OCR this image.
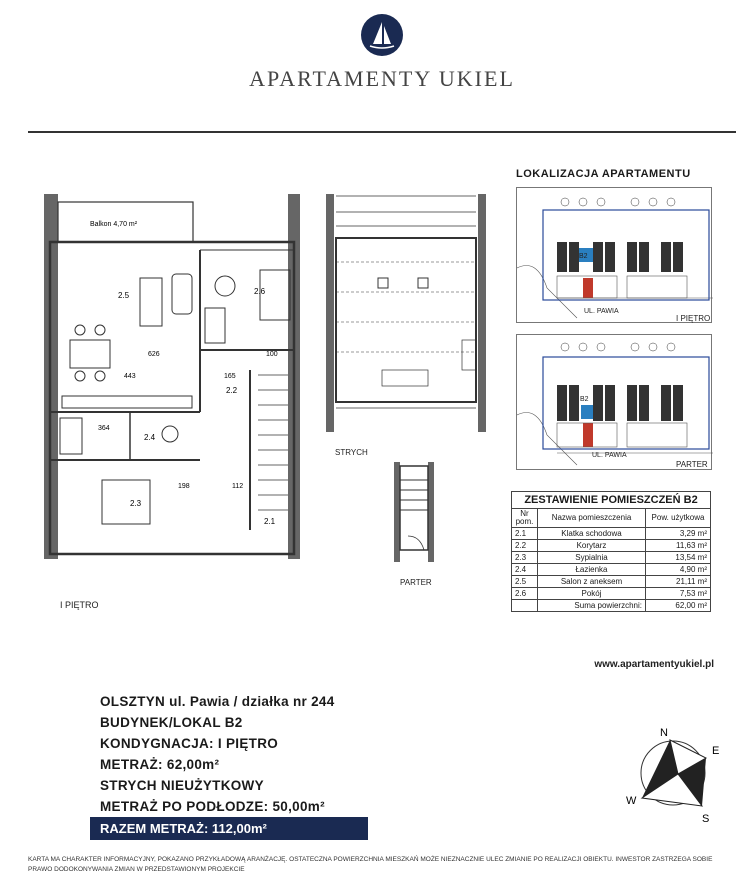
APARTAMENTY UKIEL
Balkon 4,70 m²
2.5	2.6
2.2
2.4
2.3
2.1
626
443
364
198
100
165
112
I PIĘTRO
STRYCH
PARTER
LOKALIZACJA APARTAMENTU
UL. PAWIA
I PIĘTRO
B2
UL. PAWIA
PARTER
B2
ZESTAWIENIE POMIESZCZEŃ B2
Nr pom.	Nazwa pomieszczenia	Pow. użytkowa
2.1	Klatka schodowa	3,29 m²
2.2	Korytarz	11,63 m²
2.3	Sypialnia	13,54 m²
2.4	Łazienka	4,90 m²
2.5	Salon z aneksem	21,11 m²
2.6	Pokój	7,53 m²
	Suma powierzchni:	62,00 m²
www.apartamentyukiel.pl
OLSZTYN ul. Pawia / działka nr 244
BUDYNEK/LOKAL B2
KONDYGNACJA: I PIĘTRO
METRAŻ: 62,00m²
STRYCH NIEUŻYTKOWY
METRAŻ PO PODŁODZE: 50,00m²
RAZEM METRAŻ: 112,00m²
N
E
S
W
KARTA MA CHARAKTER INFORMACYJNY, POKAZANO PRZYKŁADOWĄ ARANŻACJĘ. OSTATECZNA POWIERZCHNIA MIESZKAŃ MOŻE NIEZNACZNIE ULEC ZMIANIE PO REALIZACJI OBIEKTU. INWESTOR ZASTRZEGA SOBIE PRAWO DODOKONYWANIA ZMIAN W PRZEDSTAWIONYM PROJEKCIE
